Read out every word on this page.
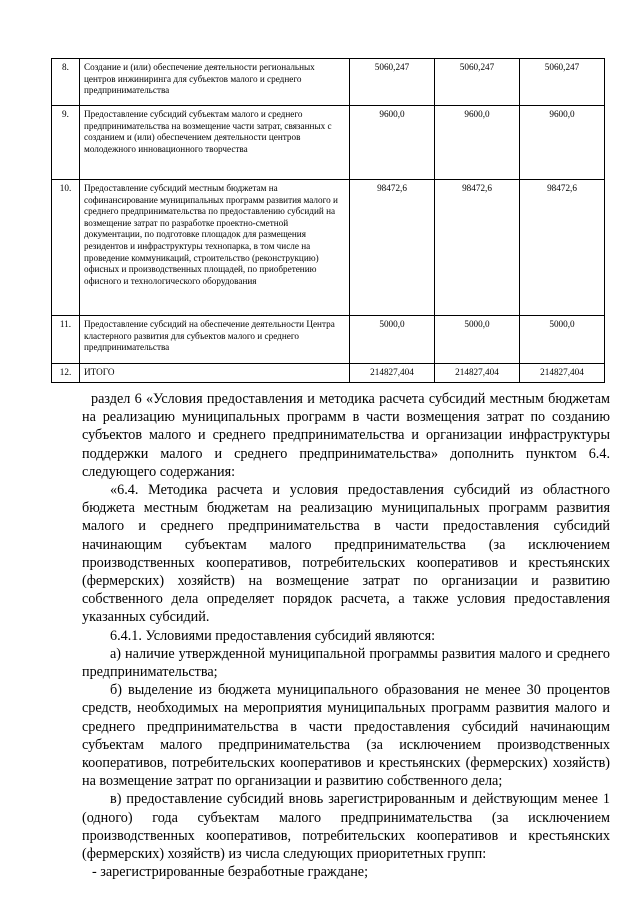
8.	Создание и (или) обеспечение деятельности региональных центров инжиниринга для субъектов малого и среднего предпринимательства	5060,247	5060,247	5060,247
9.	Предоставление субсидий субъектам малого и среднего предпринимательства на возмещение части затрат, связанных с созданием и (или) обеспечением деятельности центров молодежного инновационного творчества	9600,0	9600,0	9600,0
10.	Предоставление субсидий местным бюджетам на софинансирование муниципальных программ развития малого и среднего предпринимательства по предоставлению субсидий на возмещение затрат по разработке проектно-сметной документации, по подготовке площадок для размещения резидентов и инфраструктуры технопарка, в том числе на проведение коммуникаций, строительство (реконструкцию) офисных и производственных площадей, по приобретению офисного и технологического оборудования	98472,6	98472,6	98472,6
11.	Предоставление субсидий на обеспечение деятельности Центра кластерного развития для субъектов малого и среднего предпринимательства	5000,0	5000,0	5000,0
12.	ИТОГО	214827,404	214827,404	214827,404

раздел 6 «Условия предоставления и методика расчета субсидий местным бюджетам на реализацию муниципальных программ в части возмещения затрат по созданию субъектов малого и среднего предпринимательства и организации инфраструктуры поддержки малого и среднего предпринимательства» дополнить пунктом 6.4. следующего содержания:

«6.4. Методика расчета и условия предоставления субсидий из областного бюджета местным бюджетам на реализацию муниципальных программ развития малого и среднего предпринимательства в части предоставления субсидий начинающим субъектам малого предпринимательства (за исключением производственных кооперативов, потребительских кооперативов и крестьянских (фермерских) хозяйств) на возмещение затрат по организации и развитию собственного дела определяет порядок расчета, а также условия предоставления указанных субсидий.

6.4.1. Условиями предоставления субсидий являются:

а) наличие утвержденной муниципальной программы развития малого и среднего предпринимательства;

б) выделение из бюджета муниципального образования не менее 30 процентов средств, необходимых на мероприятия муниципальных программ развития малого и среднего предпринимательства в части предоставления субсидий начинающим субъектам малого предпринимательства (за исключением производственных кооперативов, потребительских кооперативов и крестьянских (фермерских) хозяйств) на возмещение затрат по организации и развитию собственного дела;

в) предоставление субсидий вновь зарегистрированным и действующим менее 1 (одного) года субъектам малого предпринимательства (за исключением производственных кооперативов, потребительских кооперативов и крестьянских (фермерских) хозяйств) из числа следующих приоритетных групп:

- зарегистрированные безработные граждане;
